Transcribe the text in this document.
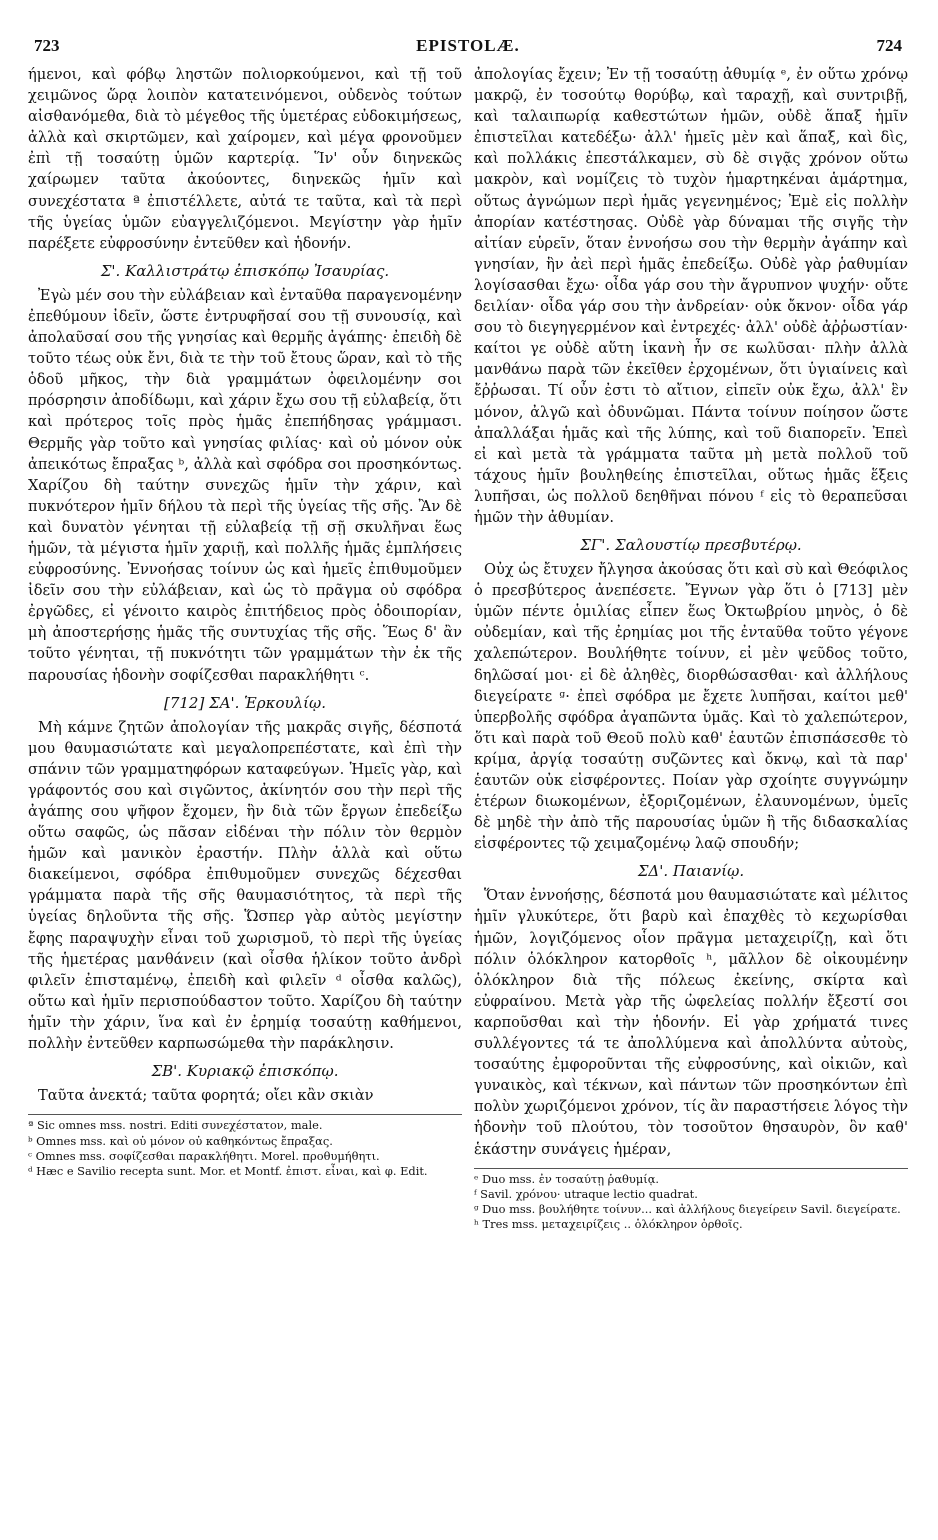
723	EPISTOLÆ.	724

ήμενοι, καὶ φόβῳ ληστῶν πολιορκούμενοι, καὶ τῇ τοῦ χειμῶνος ὥρᾳ λοιπὸν κατατεινόμενοι, οὐδενὸς τούτων αἰσθανόμεθα, διὰ τὸ μέγεθος τῆς ὑμετέρας εὐδοκιμήσεως, ἀλλὰ καὶ σκιρτῶμεν, καὶ χαίρομεν, καὶ μέγα φρονοῦμεν ἐπὶ τῇ τοσαύτῃ ὑμῶν καρτερίᾳ. Ἵν' οὖν διηνεκῶς χαίρωμεν ταῦτα ἀκούοντες, διηνεκῶς ἡμῖν καὶ συνεχέστατα ª ἐπιστέλλετε, αὐτά τε ταῦτα, καὶ τὰ περὶ τῆς ὑγείας ὑμῶν εὐαγγελιζόμενοι. Μεγίστην γὰρ ἡμῖν παρέξετε εὐφροσύνην ἐντεῦθεν καὶ ἡδονήν.

Σ'. Καλλιστράτῳ ἐπισκόπῳ Ἰσαυρίας.

Ἐγὼ μέν σου τὴν εὐλάβειαν καὶ ἐνταῦθα παραγενομένην ἐπεθύμουν ἰδεῖν, ὥστε ἐντρυφῆσαί σου τῇ συνουσίᾳ, καὶ ἀπολαῦσαί σου τῆς γνησίας καὶ θερμῆς ἀγάπης· ἐπειδὴ δὲ τοῦτο τέως οὐκ ἔνι, διὰ τε τὴν τοῦ ἔτους ὥραν, καὶ τὸ τῆς ὁδοῦ μῆκος, τὴν διὰ γραμμάτων ὀφειλομένην σοι πρόσρησιν ἀποδίδωμι, καὶ χάριν ἔχω σου τῇ εὐλαβείᾳ, ὅτι καὶ πρότερος τοῖς πρὸς ἡμᾶς ἐπεπήδησας γράμμασι. Θερμῆς γὰρ τοῦτο καὶ γνησίας φιλίας· καὶ οὐ μόνον οὐκ ἀπεικότως ἔπραξας ᵇ, ἀλλὰ καὶ σφόδρα σοι προσηκόντως. Χαρίζου δὴ ταύτην συνεχῶς ἡμῖν τὴν χάριν, καὶ πυκνότερον ἡμῖν δήλου τὰ περὶ τῆς ὑγείας τῆς σῆς. Ἂν δὲ καὶ δυνατὸν γένηται τῇ εὐλαβείᾳ τῇ σῇ σκυλῆναι ἕως ἡμῶν, τὰ μέγιστα ἡμῖν χαριῇ, καὶ πολλῆς ἡμᾶς ἐμπλήσεις εὐφροσύνης. Ἐννοήσας τοίνυν ὡς καὶ ἡμεῖς ἐπιθυμοῦμεν ἰδεῖν σου τὴν εὐλάβειαν, καὶ ὡς τὸ πρᾶγμα οὐ σφόδρα ἐργῶδες, εἰ γένοιτο καιρὸς ἐπιτήδειος πρὸς ὁδοιπορίαν, μὴ ἀποστερήσῃς ἡμᾶς τῆς συντυχίας τῆς σῆς. Ἕως δ' ἂν τοῦτο γένηται, τῇ πυκνότητι τῶν γραμμάτων τὴν ἐκ τῆς παρουσίας ἡδονὴν σοφίζεσθαι παρακλήθητι ᶜ.

[712] ΣΑ'. Ἑρκουλίῳ.

Μὴ κάμνε ζητῶν ἀπολογίαν τῆς μακρᾶς σιγῆς, δέσποτά μου θαυμασιώτατε καὶ μεγαλοπρεπέστατε, καὶ ἐπὶ τὴν σπάνιν τῶν γραμματηφόρων καταφεύγων. Ἡμεῖς γὰρ, καὶ γράφοντός σου καὶ σιγῶντος, ἀκίνητόν σου τὴν περὶ τῆς ἀγάπης σου ψῆφον ἔχομεν, ἣν διὰ τῶν ἔργων ἐπεδείξω οὕτω σαφῶς, ὡς πᾶσαν εἰδέναι τὴν πόλιν τὸν θερμὸν ἡμῶν καὶ μανικὸν ἐραστήν. Πλὴν ἀλλὰ καὶ οὕτω διακείμενοι, σφόδρα ἐπιθυμοῦμεν συνεχῶς δέχεσθαι γράμματα παρὰ τῆς σῆς θαυμασιότητος, τὰ περὶ τῆς ὑγείας δηλοῦντα τῆς σῆς. Ὥσπερ γὰρ αὐτὸς μεγίστην ἔφης παραψυχὴν εἶναι τοῦ χωρισμοῦ, τὸ περὶ τῆς ὑγείας τῆς ἡμετέρας μανθάνειν (καὶ οἶσθα ἡλίκον τοῦτο ἀνδρὶ φιλεῖν ἐπισταμένῳ, ἐπειδὴ καὶ φιλεῖν ᵈ οἶσθα καλῶς), οὕτω καὶ ἡμῖν περισπούδαστον τοῦτο. Χαρίζου δὴ ταύτην ἡμῖν τὴν χάριν, ἵνα καὶ ἐν ἐρημίᾳ τοσαύτῃ καθήμενοι, πολλὴν ἐντεῦθεν καρπωσώμεθα τὴν παράκλησιν.

ΣΒ'. Κυριακῷ ἐπισκόπῳ.

Ταῦτα ἀνεκτά; ταῦτα φορητά; οἴει κἂν σκιὰν

ª Sic omnes mss. nostri. Editi συνεχέστατον, male.
ᵇ Omnes mss. καὶ οὐ μόνον οὐ καθηκόντως ἔπραξας.
ᶜ Omnes mss. σοφίζεσθαι παρακλήθητι. Morel. προθυμήθητι.
ᵈ Hæc e Savilio recepta sunt. Mor. et Montf. ἐπιστ. εἶναι, καὶ φ. Edit.

ἀπολογίας ἔχειν; Ἐν τῇ τοσαύτῃ ἀθυμίᾳ ᵉ, ἐν οὕτω χρόνῳ μακρῷ, ἐν τοσούτῳ θορύβῳ, καὶ ταραχῇ, καὶ συντριβῇ, καὶ ταλαιπωρίᾳ καθεστώτων ἡμῶν, οὐδὲ ἅπαξ ἡμῖν ἐπιστεῖλαι κατεδέξω· ἀλλ' ἡμεῖς μὲν καὶ ἅπαξ, καὶ δὶς, καὶ πολλάκις ἐπεστάλκαμεν, σὺ δὲ σιγᾷς χρόνον οὕτω μακρὸν, καὶ νομίζεις τὸ τυχὸν ἡμαρτηκέναι ἁμάρτημα, οὕτως ἀγνώμων περὶ ἡμᾶς γεγενημένος; Ἐμὲ εἰς πολλὴν ἀπορίαν κατέστησας. Οὐδὲ γὰρ δύναμαι τῆς σιγῆς τὴν αἰτίαν εὑρεῖν, ὅταν ἐννοήσω σου τὴν θερμὴν ἀγάπην καὶ γνησίαν, ἣν ἀεὶ περὶ ἡμᾶς ἐπεδείξω. Οὐδὲ γὰρ ῥαθυμίαν λογίσασθαι ἔχω· οἶδα γάρ σου τὴν ἄγρυπνον ψυχήν· οὔτε δειλίαν· οἶδα γάρ σου τὴν ἀνδρείαν· οὐκ ὄκνον· οἶδα γάρ σου τὸ διεγηγερμένον καὶ ἐντρεχές· ἀλλ' οὐδὲ ἀῤῥωστίαν· καίτοι γε οὐδὲ αὕτη ἱκανὴ ἦν σε κωλῦσαι· πλὴν ἀλλὰ μανθάνω παρὰ τῶν ἐκεῖθεν ἐρχομένων, ὅτι ὑγιαίνεις καὶ ἔῤῥωσαι. Τί οὖν ἐστι τὸ αἴτιον, εἰπεῖν οὐκ ἔχω, ἀλλ' ἓν μόνον, ἀλγῶ καὶ ὀδυνῶμαι. Πάντα τοίνυν ποίησον ὥστε ἀπαλλάξαι ἡμᾶς καὶ τῆς λύπης, καὶ τοῦ διαπορεῖν. Ἐπεὶ εἰ καὶ μετὰ τὰ γράμματα ταῦτα μὴ μετὰ πολλοῦ τοῦ τάχους ἡμῖν βουληθείης ἐπιστεῖλαι, οὕτως ἡμᾶς ἕξεις λυπῆσαι, ὡς πολλοῦ δεηθῆναι πόνου ᶠ εἰς τὸ θεραπεῦσαι ἡμῶν τὴν ἀθυμίαν.

ΣΓ'. Σαλουστίῳ πρεσβυτέρῳ.

Οὐχ ὡς ἔτυχεν ἤλγησα ἀκούσας ὅτι καὶ σὺ καὶ Θεόφιλος ὁ πρεσβύτερος ἀνεπέσετε. Ἔγνων γὰρ ὅτι ὁ [713] μὲν ὑμῶν πέντε ὁμιλίας εἶπεν ἕως Ὀκτωβρίου μηνὸς, ὁ δὲ οὐδεμίαν, καὶ τῆς ἐρημίας μοι τῆς ἐνταῦθα τοῦτο γέγονε χαλεπώτερον. Βουλήθητε τοίνυν, εἰ μὲν ψεῦδος τοῦτο, δηλῶσαί μοι· εἰ δὲ ἀληθὲς, διορθώσασθαι· καὶ ἀλλήλους διεγείρατε ᵍ· ἐπεὶ σφόδρα με ἔχετε λυπῆσαι, καίτοι μεθ' ὑπερβολῆς σφόδρα ἀγαπῶντα ὑμᾶς. Καὶ τὸ χαλεπώτερον, ὅτι καὶ παρὰ τοῦ Θεοῦ πολὺ καθ' ἑαυτῶν ἐπισπάσεσθε τὸ κρίμα, ἀργίᾳ τοσαύτῃ συζῶντες καὶ ὄκνῳ, καὶ τὰ παρ' ἑαυτῶν οὐκ εἰσφέροντες. Ποίαν γὰρ σχοίητε συγγνώμην ἑτέρων διωκομένων, ἐξοριζομένων, ἐλαυνομένων, ὑμεῖς δὲ μηδὲ τὴν ἀπὸ τῆς παρουσίας ὑμῶν ἢ τῆς διδασκαλίας εἰσφέροντες τῷ χειμαζομένῳ λαῷ σπουδήν;

ΣΔ'. Παιανίῳ.

Ὅταν ἐννοήσῃς, δέσποτά μου θαυμασιώτατε καὶ μέλιτος ἡμῖν γλυκύτερε, ὅτι βαρὺ καὶ ἐπαχθὲς τὸ κεχωρίσθαι ἡμῶν, λογιζόμενος οἷον πρᾶγμα μεταχειρίζῃ, καὶ ὅτι πόλιν ὁλόκληρον κατορθοῖς ʰ, μᾶλλον δὲ οἰκουμένην ὁλόκληρον διὰ τῆς πόλεως ἐκείνης, σκίρτα καὶ εὐφραίνου. Μετὰ γὰρ τῆς ὠφελείας πολλήν ἔξεστί σοι καρποῦσθαι καὶ τὴν ἡδονήν. Εἰ γὰρ χρήματά τινες συλλέγοντες τά τε ἀπολλύμενα καὶ ἀπολλύντα αὐτοὺς, τοσαύτης ἐμφοροῦνται τῆς εὐφροσύνης, καὶ οἰκιῶν, καὶ γυναικὸς, καὶ τέκνων, καὶ πάντων τῶν προσηκόντων ἐπὶ πολὺν χωριζόμενοι χρόνον, τίς ἂν παραστήσειε λόγος τὴν ἡδονὴν τοῦ πλούτου, τὸν τοσοῦτον θησαυρὸν, ὃν καθ' ἑκάστην συνάγεις ἡμέραν,

ᵉ Duo mss. ἐν τοσαύτῃ ῥαθυμίᾳ.
ᶠ Savil. χρόνου· utraque lectio quadrat.
ᵍ Duo mss. βουλήθητε τοίνυν... καὶ ἀλλήλους διεγείρειν Savil. διεγείρατε.
ʰ Tres mss. μεταχειρίζεις .. ὁλόκληρον ὀρθοῖς.
